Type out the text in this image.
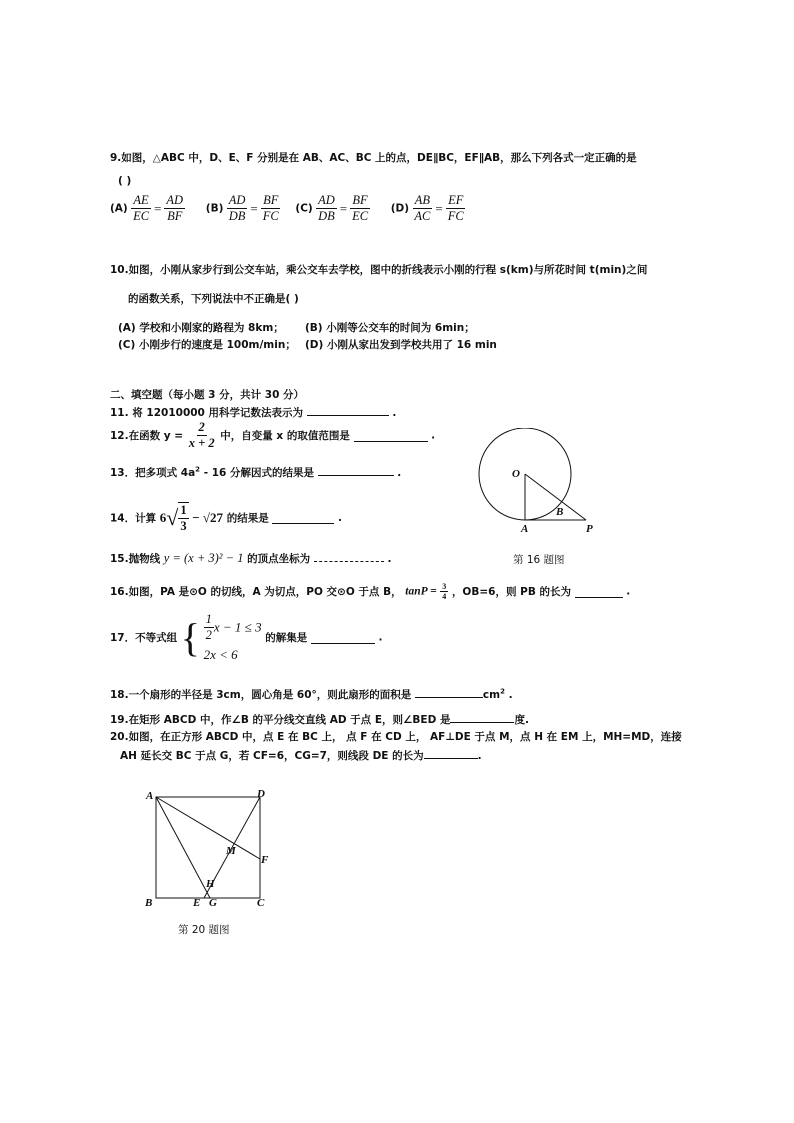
9.如图，△ABC 中，D、E、F 分别是在 AB、AC、BC 上的点，DE∥BC，EF∥AB，那么下列各式一定正确的是
( )
$(A) \frac{AE}{EC} = \frac{AD}{BF} (B) \frac{AD}{DB} = \frac{BF}{FC} (C) \frac{AD}{DB} = \frac{BF}{EC} (D) \frac{AB}{AC} = \frac{EF}{FC}$
10.如图，小刚从家步行到公交车站，乘公交车去学校，图中的折线表示小刚的行程 s(km)与所花时间 t(min)之间
的函数关系，下列说法中不正确是( )
(A) 学校和小刚家的路程为 8km； (B) 小刚等公交车的时间为 6min；
(C) 小刚步行的速度是 100m/min； (D) 小刚从家出发到学校共用了 16 min
二、填空题（每小题 3 分，共计 30 分）
11. 将 12010000 用科学记数法表示为	.
12.在函数 $y = \frac{2}{x + 2}$ 中，自变量 x 的取值范围是	.
13．把多项式 $4a^2 - 16$ 分解因式的结果是	.
14．计算 $6√ \frac{1}{3} - √27$ 的结果是	.
15.抛物线 y = (x + 3)² − 1 的顶点坐标为	.
16.如图，PA 是⊙O 的切线，A 为切点，PO 交⊙O 于点 B， $\tan P = \frac{3}{4}$ ，OB=6，则 PB 的长为	.
17．不等式组 { $\frac{1}{2}$ x − 1 ≤ 3
2x < 6
的解集是	.
18.一个扇形的半径是 3cm，圆心角是 60°，则此扇形的面积是	$cm^2$ .
19.在矩形 ABCD 中，作∠B 的平分线交直线 AD 于点 E，则∠BED 是	度.
20.如图，在正方形 ABCD 中，点 E 在 BC 上， 点 F 在 CD 上， AF⊥DE 于点 M，点 H 在 EM 上，MH=MD，连接
AH 延长交 BC 于点 G，若 CF=6，CG=7，则线段 DE 的长为	.
O
B
A	P
第 16 题图
A	D
M
F
H
B	E G	C
第 20 题图
